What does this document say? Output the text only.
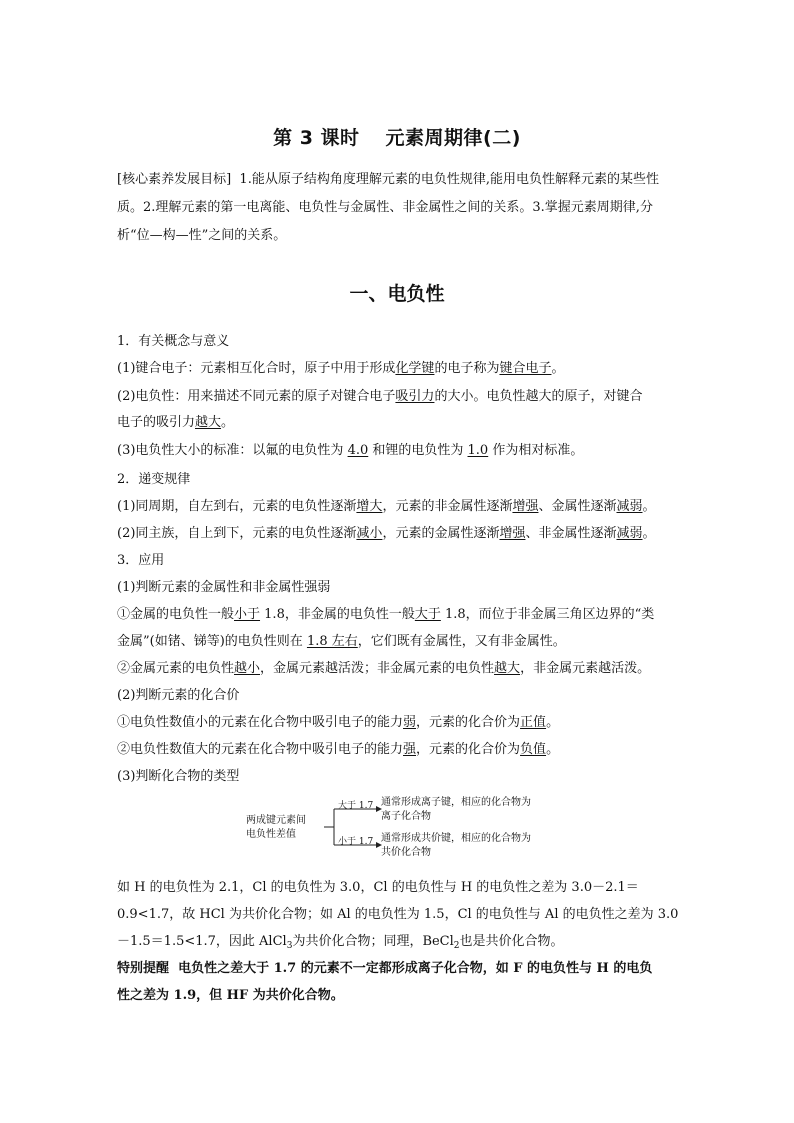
第 3 课时 元素周期律(二)

[核心素养发展目标] 1.能从原子结构角度理解元素的电负性规律,能用电负性解释元素的某些性质。2.理解元素的第一电离能、电负性与金属性、非金属性之间的关系。3.掌握元素周期律,分析“位—构—性”之间的关系。

一、电负性
1．有关概念与意义
(1)键合电子：元素相互化合时，原子中用于形成化学键的电子称为键合电子。
(2)电负性：用来描述不同元素的原子对键合电子吸引力的大小。电负性越大的原子，对键合
电子的吸引力越大。
(3)电负性大小的标准：以氟的电负性为 4.0 和锂的电负性为 1.0 作为相对标准。
2．递变规律
(1)同周期，自左到右，元素的电负性逐渐增大，元素的非金属性逐渐增强、金属性逐渐减弱。
(2)同主族，自上到下，元素的电负性逐渐减小，元素的金属性逐渐增强、非金属性逐渐减弱。
3．应用
(1)判断元素的金属性和非金属性强弱
①金属的电负性一般小于 1.8，非金属的电负性一般大于 1.8，而位于非金属三角区边界的“类
金属”(如锗、锑等)的电负性则在 1.8 左右，它们既有金属性，又有非金属性。
②金属元素的电负性越小，金属元素越活泼；非金属元素的电负性越大，非金属元素越活泼。
(2)判断元素的化合价
①电负性数值小的元素在化合物中吸引电子的能力弱，元素的化合价为正值。
②电负性数值大的元素在化合物中吸引电子的能力强，元素的化合价为负值。
(3)判断化合物的类型
两成键元素间
电负性差值
大于 1.7
小于 1.7
通常形成离子键，相应的化合物为
离子化合物
通常形成共价键，相应的化合物为
共价化合物
如 H 的电负性为 2.1，Cl 的电负性为 3.0，Cl 的电负性与 H 的电负性之差为 3.0－2.1＝
0.9<1.7，故 HCl 为共价化合物；如 Al 的电负性为 1.5，Cl 的电负性与 Al 的电负性之差为 3.0
－1.5＝1.5<1.7，因此 AlCl$_3$为共价化合物；同理，BeCl$_2$也是共价化合物。
特别提醒 电负性之差大于 1.7 的元素不一定都形成离子化合物，如 F 的电负性与 H 的电负
性之差为 1.9，但 HF 为共价化合物。
